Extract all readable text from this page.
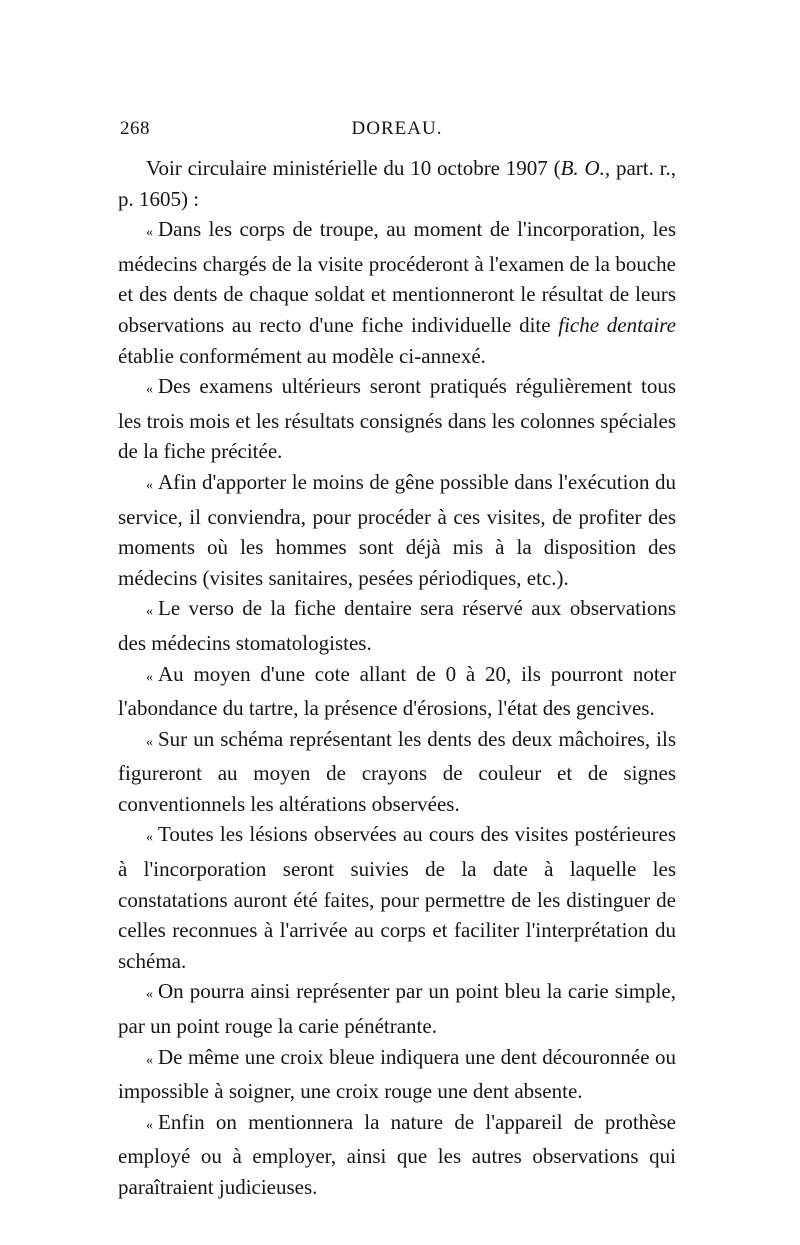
268	DOREAU.

Voir circulaire ministérielle du 10 octobre 1907 (B. O., part. r., p. 1605) :

« Dans les corps de troupe, au moment de l'incorporation, les médecins chargés de la visite procéderont à l'examen de la bouche et des dents de chaque soldat et mentionneront le résultat de leurs observations au recto d'une fiche individuelle dite fiche dentaire établie conformément au modèle ci-annexé.

« Des examens ultérieurs seront pratiqués régulièrement tous les trois mois et les résultats consignés dans les colonnes spéciales de la fiche précitée.

« Afin d'apporter le moins de gêne possible dans l'exécution du service, il conviendra, pour procéder à ces visites, de profiter des moments où les hommes sont déjà mis à la disposition des médecins (visites sanitaires, pesées périodiques, etc.).

« Le verso de la fiche dentaire sera réservé aux observations des médecins stomatologistes.

« Au moyen d'une cote allant de 0 à 20, ils pourront noter l'abondance du tartre, la présence d'érosions, l'état des gencives.

« Sur un schéma représentant les dents des deux mâchoires, ils figureront au moyen de crayons de couleur et de signes conventionnels les altérations observées.

« Toutes les lésions observées au cours des visites postérieures à l'incorporation seront suivies de la date à laquelle les constatations auront été faites, pour permettre de les distinguer de celles reconnues à l'arrivée au corps et faciliter l'interprétation du schéma.

« On pourra ainsi représenter par un point bleu la carie simple, par un point rouge la carie pénétrante.

« De même une croix bleue indiquera une dent découronnée ou impossible à soigner, une croix rouge une dent absente.

« Enfin on mentionnera la nature de l'appareil de prothèse employé ou à employer, ainsi que les autres observations qui paraîtraient judicieuses.
